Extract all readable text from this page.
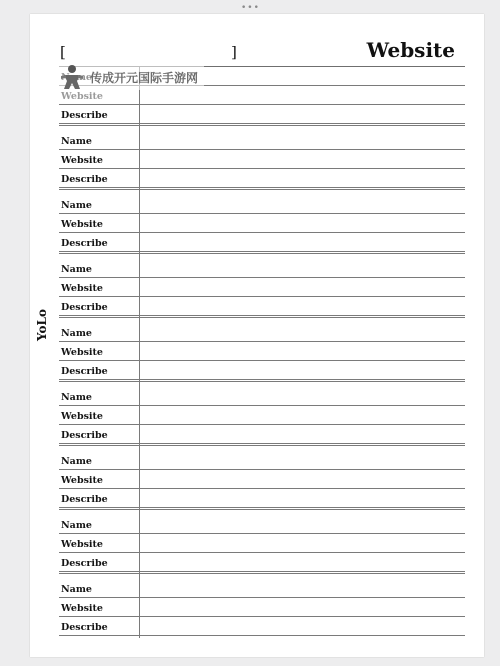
•••
YoLo
[	]	Website
Website
Describe
Name
Website
Describe
Name
Website
Describe
Name
Website
Describe
Name
Website
Describe
Name
Website
Describe
Name
Website
Describe
Name
Website
Describe
Name
Website
Describe
传成开元国际手游网
